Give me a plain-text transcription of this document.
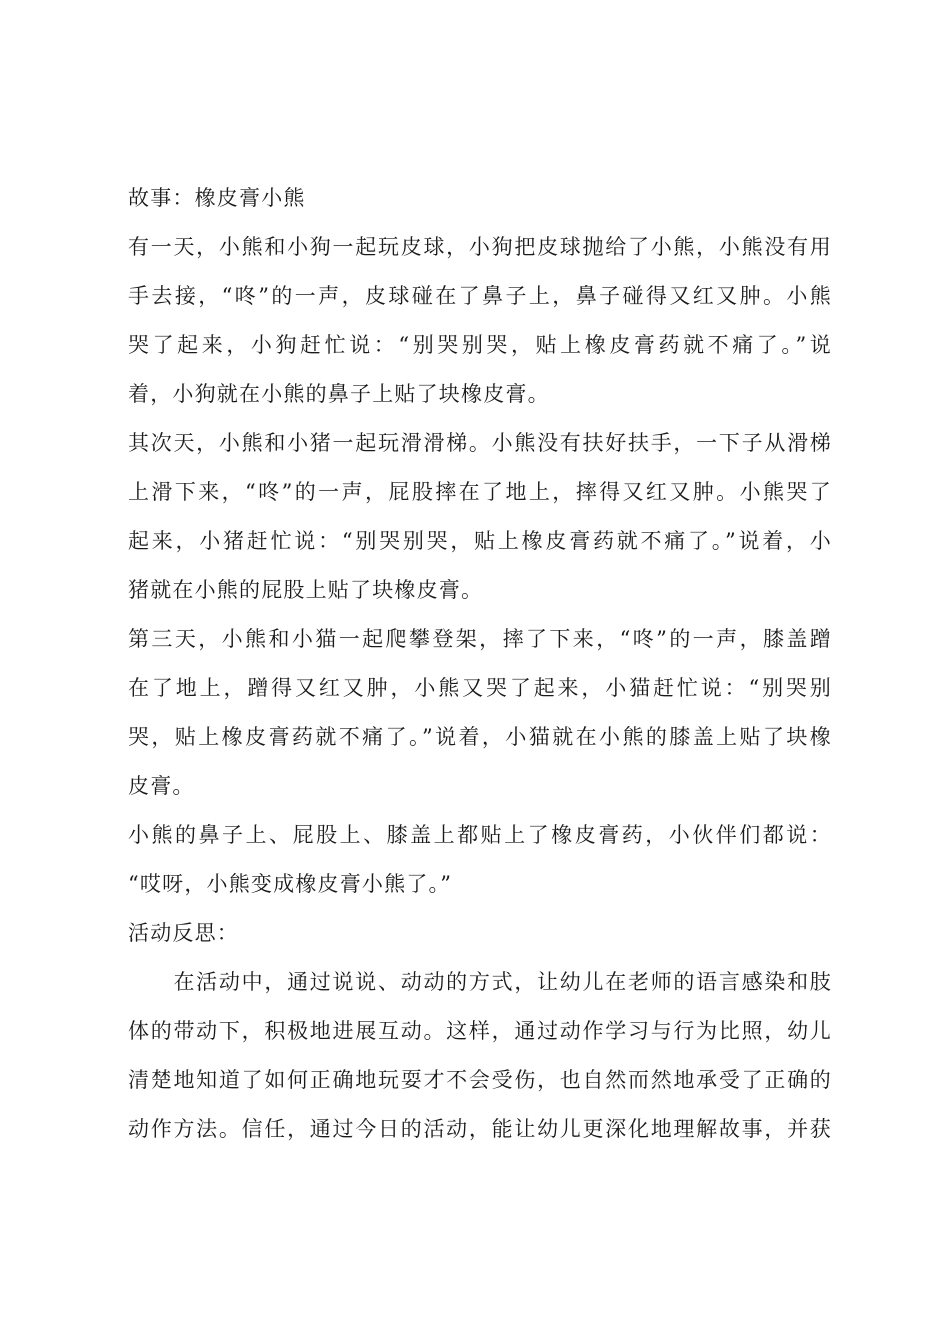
故事：橡皮膏小熊

有一天，小熊和小狗一起玩皮球，小狗把皮球抛给了小熊，小熊没有用

手去接，“咚”的一声，皮球碰在了鼻子上，鼻子碰得又红又肿。小熊

哭了起来，小狗赶忙说：“别哭别哭，贴上橡皮膏药就不痛了。”说

着，小狗就在小熊的鼻子上贴了块橡皮膏。

其次天，小熊和小猪一起玩滑滑梯。小熊没有扶好扶手，一下子从滑梯

上滑下来，“咚”的一声，屁股摔在了地上，摔得又红又肿。小熊哭了

起来，小猪赶忙说：“别哭别哭，贴上橡皮膏药就不痛了。”说着，小

猪就在小熊的屁股上贴了块橡皮膏。

第三天，小熊和小猫一起爬攀登架，摔了下来，“咚”的一声，膝盖蹭

在了地上，蹭得又红又肿，小熊又哭了起来，小猫赶忙说：“别哭别

哭，贴上橡皮膏药就不痛了。”说着，小猫就在小熊的膝盖上贴了块橡

皮膏。

小熊的鼻子上、屁股上、膝盖上都贴上了橡皮膏药，小伙伴们都说：

“哎呀，小熊变成橡皮膏小熊了。”

活动反思：

　　在活动中，通过说说、动动的方式，让幼儿在老师的语言感染和肢

体的带动下，积极地进展互动。这样，通过动作学习与行为比照，幼儿

清楚地知道了如何正确地玩耍才不会受伤，也自然而然地承受了正确的

动作方法。信任，通过今日的活动，能让幼儿更深化地理解故事，并获
